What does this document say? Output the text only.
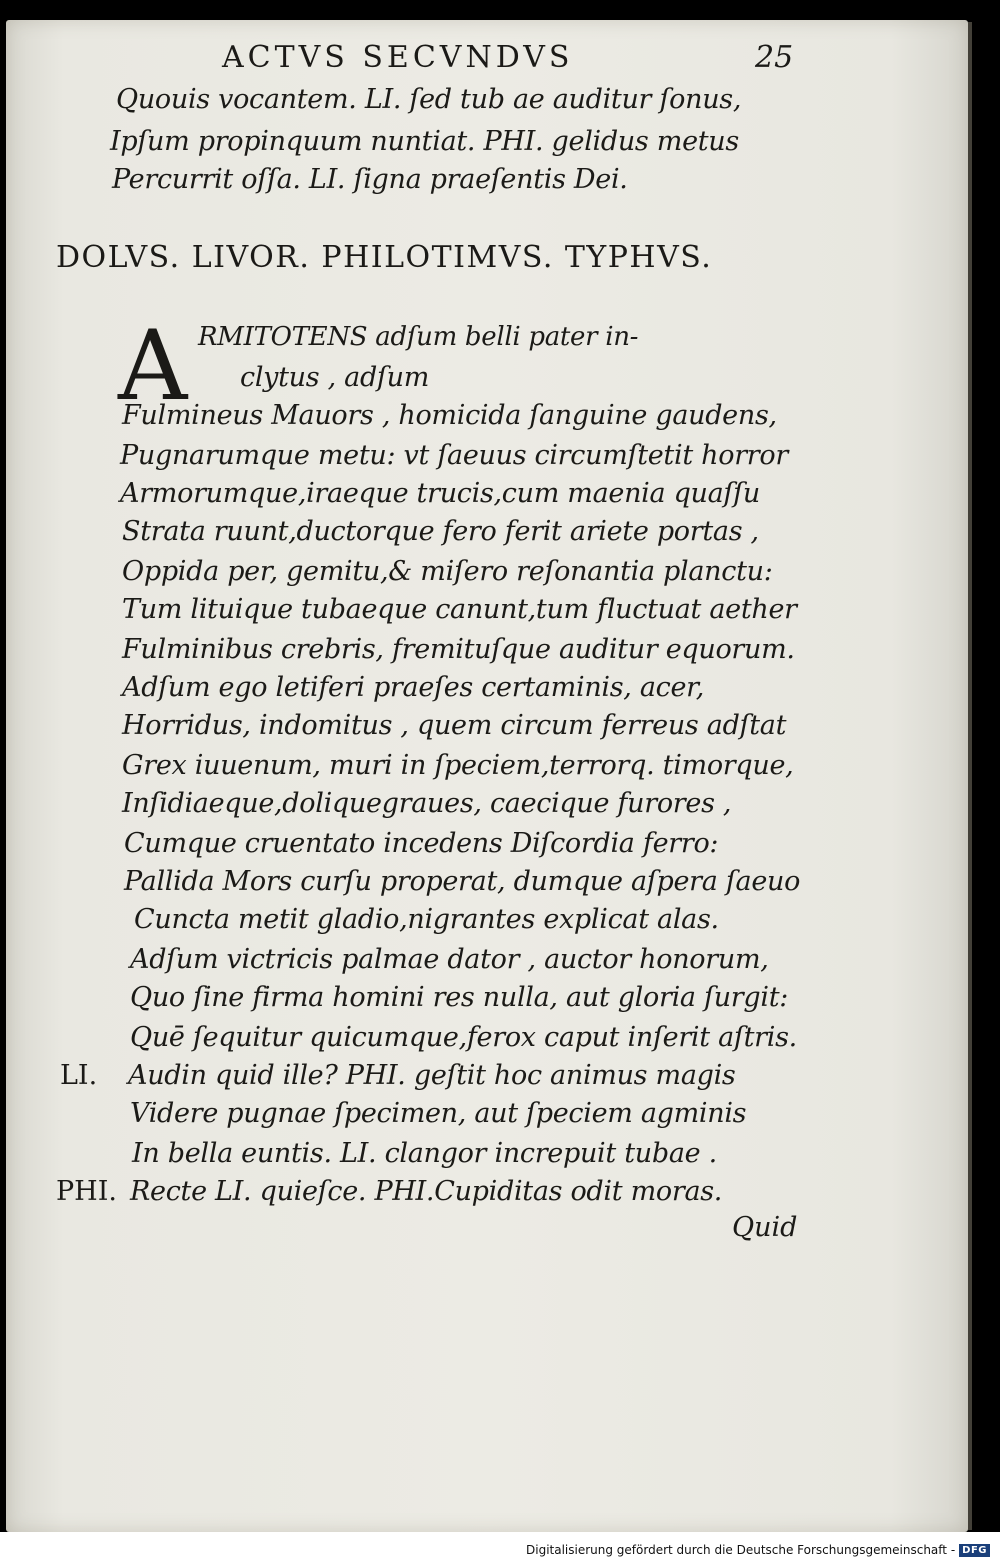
ACTVS SECVNDVS	25
Quouis vocantem. LI. ſed tub ae auditur ſonus,
Ipſum propinquum nuntiat. PHI. gelidus metus
Percurrit oſſa. LI. ſigna praeſentis Dei.
DOLVS. LIVOR. PHILOTIMVS. TYPHVS.
A RMITOTENS adſum belli pater in-
clytus , adſum
Fulmineus Mauors , homicida ſanguine gaudens,
Pugnarumque metu: vt ſaeuus circumſtetit horror
Armorumque,iraeque trucis,cum maenia quaſſu
Strata ruunt,ductorque fero ferit ariete portas ,
Oppida per, gemitu,& miſero reſonantia planctu:
Tum lituique tubaeque canunt,tum fluctuat aether
Fulminibus crebris, fremituſque auditur equorum.
Adſum ego letiferi praeſes certaminis, acer,
Horridus, indomitus , quem circum ferreus adſtat
Grex iuuenum, muri in ſpeciem,terrorq. timorque,
Inſidiaeque,doliquegraues, caecique furores ,
Cumque cruentato incedens Diſcordia ferro:
Pallida Mors curſu properat, dumque aſpera ſaeuo
Cuncta metit gladio,nigrantes explicat alas.
Adſum victricis palmae dator , auctor honorum,
Quo ſine firma homini res nulla, aut gloria ſurgit:
Quē ſequitur quicumque,ferox caput inſerit aſtris.
LI. Audin quid ille? PHI. geſtit hoc animus magis
Videre pugnae ſpecimen, aut ſpeciem agminis
In bella euntis. LI. clangor increpuit tubae .
PHI. Recte LI. quieſce. PHI.Cupiditas odit moras.
Quid
Digitalisierung gefördert durch die Deutsche Forschungsgemeinschaft - DFG
